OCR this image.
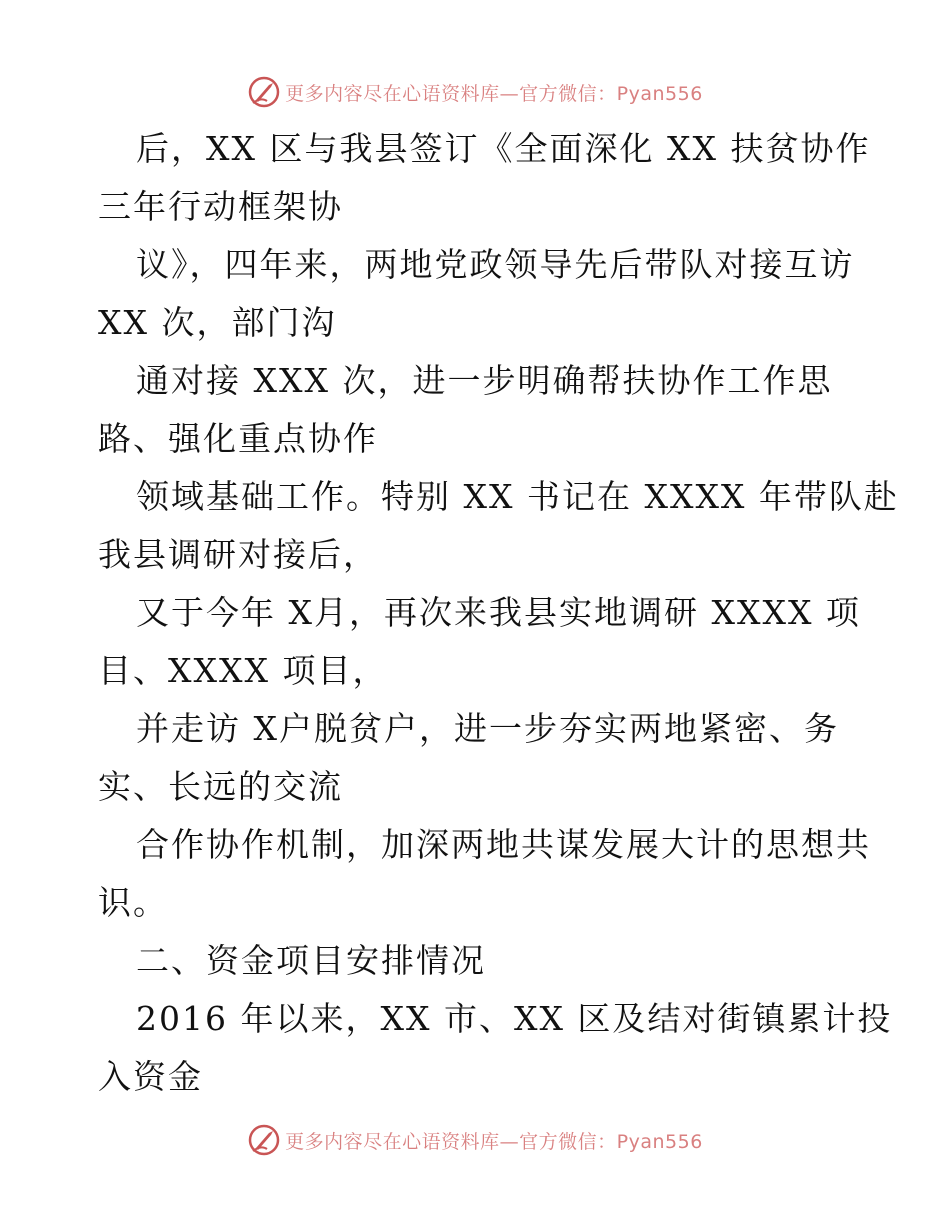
更多内容尽在心语资料库—官方微信：Pyan556
后，XX 区与我县签订《全面深化 XX 扶贫协作
三年行动框架协
议》，四年来，两地党政领导先后带队对接互访
XX 次，部门沟
通对接 XXX 次，进一步明确帮扶协作工作思
路、强化重点协作
领域基础工作。特别 XX 书记在 XXXX 年带队赴
我县调研对接后，
又于今年 X月，再次来我县实地调研 XXXX 项
目、XXXX 项目，
并走访 X户脱贫户，进一步夯实两地紧密、务
实、长远的交流
合作协作机制，加深两地共谋发展大计的思想共
识。
二、资金项目安排情况
2016 年以来，XX 市、XX 区及结对街镇累计投
入资金
更多内容尽在心语资料库—官方微信：Pyan556
